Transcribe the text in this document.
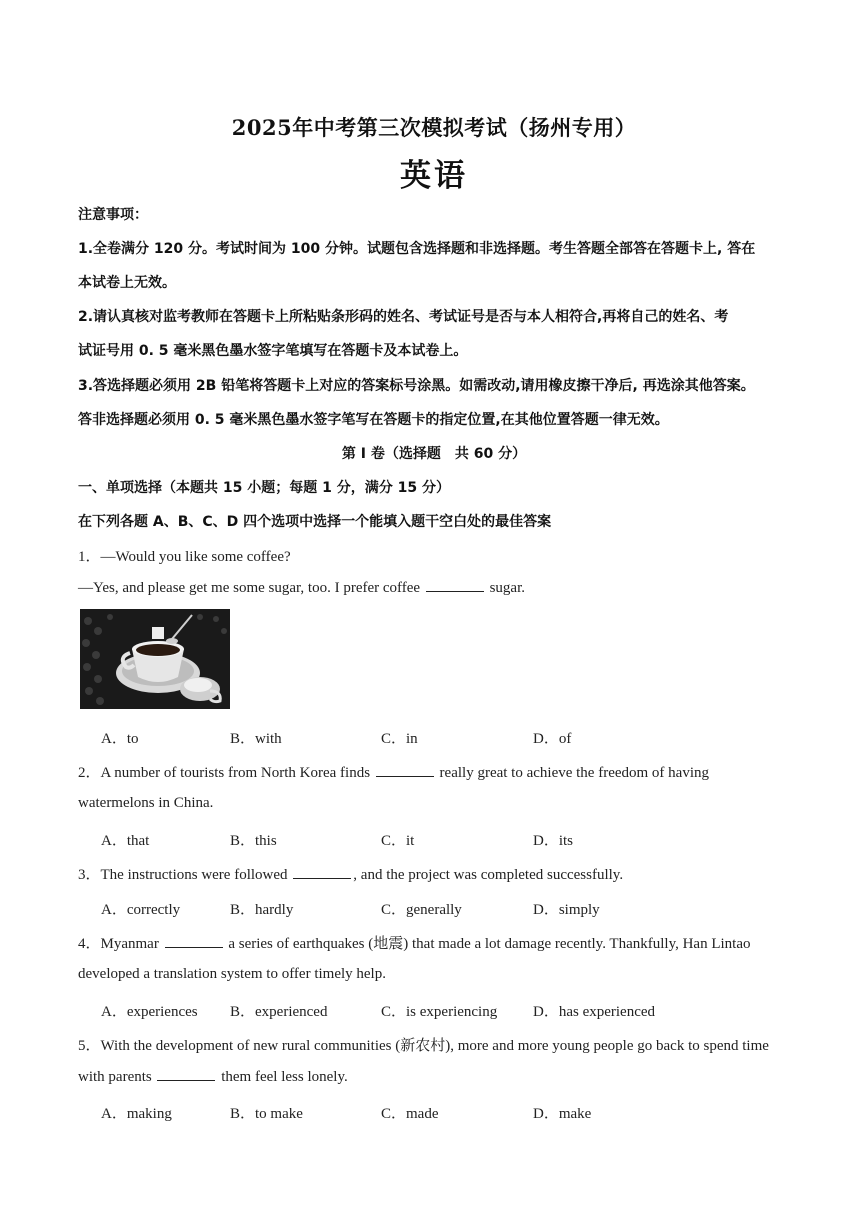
2025年中考第三次模拟考试（扬州专用）
英语
注意事项：
1.全卷满分 120 分。考试时间为 100 分钟。试题包含选择题和非选择题。考生答题全部答在答题卡上, 答在
本试卷上无效。
2.请认真核对监考教师在答题卡上所粘贴条形码的姓名、考试证号是否与本人相符合,再将自己的姓名、考
试证号用 0. 5 毫米黑色墨水签字笔填写在答题卡及本试卷上。
3.答选择题必须用 2B 铅笔将答题卡上对应的答案标号涂黑。如需改动,请用橡皮擦干净后, 再选涂其他答案。
答非选择题必须用 0. 5 毫米黑色墨水签字笔写在答题卡的指定位置,在其他位置答题一律无效。
第 I 卷（选择题　共 60 分）
一、单项选择（本题共 15 小题；每题 1 分，满分 15 分）
在下列各题 A、B、C、D 四个选项中选择一个能填入题干空白处的最佳答案
1．—Would you like some coffee?
—Yes, and please get me some sugar, too. I prefer coffee	sugar.
A．to	B．with	C．in	D．of
2．A number of tourists from North Korea finds	really great to achieve the freedom of having
watermelons in China.
A．that	B．this	C．it	D．its
3．The instructions were followed	, and the project was completed successfully.
A．correctly	B．hardly	C．generally	D．simply
4．Myanmar	a series of earthquakes (地震) that made a lot damage recently. Thankfully, Han Lintao
developed a translation system to offer timely help.
A．experiences B．experienced	C．is experiencing D．has experienced
5．With the development of new rural communities (新农村), more and more young people go back to spend time
with parents	them feel less lonely.
A．making	B．to make	C．made	D．make
